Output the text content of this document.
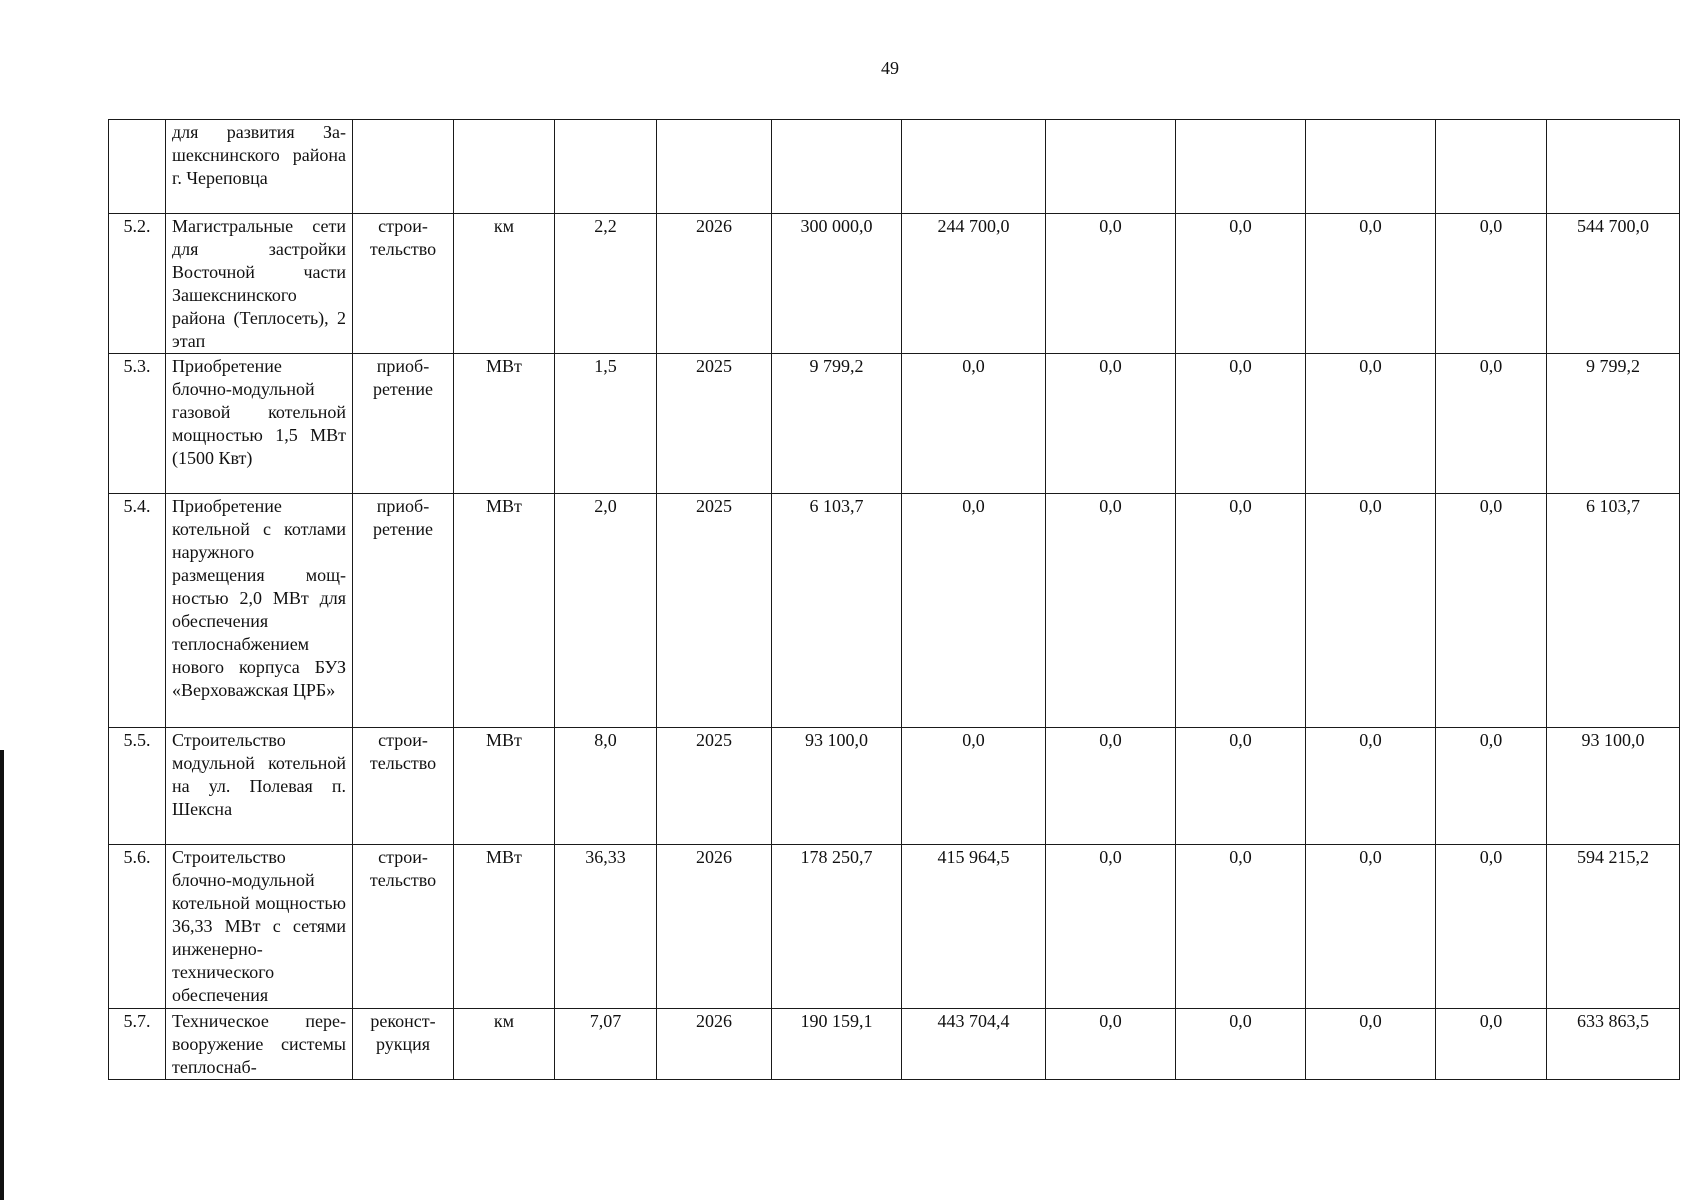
49

	для развития Зашекснинского района г. Череповца											

5.2.	Магистральные сети для застройки Восточной части Зашекснинского района (Теплосеть), 2 этап	строительство	км	2,2	2026	300 000,0	244 700,0	0,0	0,0	0,0	0,0	544 700,0
5.3.	Приобретение блочно-модульной газовой котельной мощностью 1,5 МВт (1500 Квт)	приобретение	МВт	1,5	2025	9 799,2	0,0	0,0	0,0	0,0	0,0	9 799,2
5.4.	Приобретение котельной с котлами наружного размещения мощностью 2,0 МВт для обеспечения теплоснабжением нового корпуса БУЗ «Верховажская ЦРБ»	приобретение	МВт	2,0	2025	6 103,7	0,0	0,0	0,0	0,0	0,0	6 103,7
5.5.	Строительство модульной котельной на ул. Полевая п. Шексна	строительство	МВт	8,0	2025	93 100,0	0,0	0,0	0,0	0,0	0,0	93 100,0
5.6.	Строительство блочно-модульной котельной мощностью 36,33 МВт с сетями инженерно-технического обеспечения	строительство	МВт	36,33	2026	178 250,7	415 964,5	0,0	0,0	0,0	0,0	594 215,2
5.7.	Техническое перевооружение системы теплоснаб-	реконструкция	км	7,07	2026	190 159,1	443 704,4	0,0	0,0	0,0	0,0	633 863,5
